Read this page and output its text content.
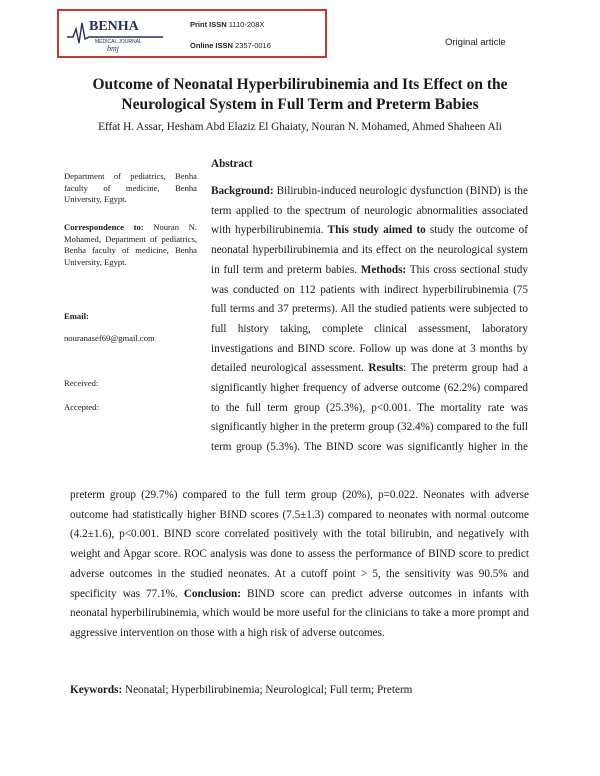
BENHA
MEDICAL JOURNAL
bmj
Print ISSN 1110-208X
Online ISSN 2357-0016	Original article
Outcome of Neonatal Hyperbilirubinemia and Its Effect on the
Neurological System in Full Term and Preterm Babies
Effat H. Assar, Hesham Abd Elaziz El Ghaiaty, Nouran N. Mohamed, Ahmed Shaheen Ali
Department of pediatrics, Benha faculty of medicine, Benha University, Egypt.
Correspondence to: Nouran N. Mohamed, Department of pediatrics, Benha faculty of medicine, Benha University, Egypt.
Email:
nouranasef69@gmail.com
Received:
Accepted:
Abstract
Background: Bilirubin-induced neurologic dysfunction (BIND) is the term applied to the spectrum of neurologic abnormalities associated with hyperbilirubinemia. This study aimed to study the outcome of neonatal hyperbilirubinemia and its effect on the neurological system in full term and preterm babies. Methods: This cross sectional study was conducted on 112 patients with indirect hyperbilirubinemia (75 full terms and 37 preterms). All the studied patients were subjected to full history taking, complete clinical assessment, laboratory investigations and BIND score. Follow up was done at 3 months by detailed neurological assessment. Results: The preterm group had a significantly higher frequency of adverse outcome (62.2%) compared to the full term group (25.3%), p<0.001. The mortality rate was significantly higher in the preterm group (32.4%) compared to the full term group (5.3%). The BIND score was significantly higher in the
preterm group (29.7%) compared to the full term group (20%), p=0.022. Neonates with adverse outcome had statistically higher BIND scores (7.5±1.3) compared to neonates with normal outcome (4.2±1.6), p<0.001. BIND score correlated positively with the total bilirubin, and negatively with weight and Apgar score. ROC analysis was done to assess the performance of BIND score to predict adverse outcomes in the studied neonates. At a cutoff point > 5, the sensitivity was 90.5% and specificity was 77.1%. Conclusion: BIND score can predict adverse outcomes in infants with neonatal hyperbilirubinemia, which would be more useful for the clinicians to take a more prompt and aggressive intervention on those with a high risk of adverse outcomes.
Keywords: Neonatal; Hyperbilirubinemia; Neurological; Full term; Preterm
